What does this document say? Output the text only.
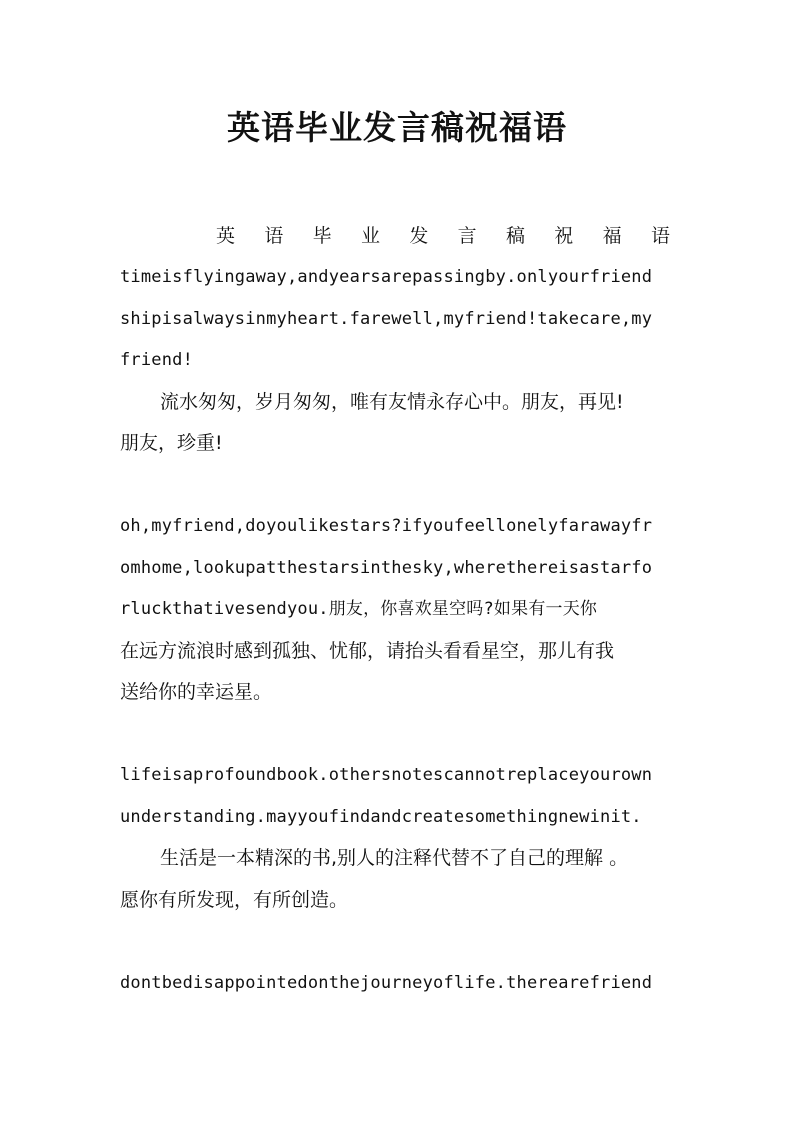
英语毕业发言稿祝福语
英 语 毕 业 发 言 稿 祝 福 语
timeisflyingaway,andyearsarepassingby.onlyourfriend
shipisalwaysinmyheart.farewell,myfriend!takecare,my
friend!
流水匆匆，岁月匆匆，唯有友情永存心中。朋友，再见!
朋友，珍重!
oh,myfriend,doyoulikestars?ifyoufeellonelyfarawayfr
omhome,lookupatthestarsinthesky,wherethereisastarfo
rluckthativesendyou.朋友，你喜欢星空吗?如果有一天你
在远方流浪时感到孤独、忧郁，请抬头看看星空，那儿有我
送给你的幸运星。
lifeisaprofoundbook.othersnotescannotreplaceyourown
understanding.mayyoufindandcreatesomethingnewinit.
生活是一本精深的书,别人的注释代替不了自己的理解 。
愿你有所发现，有所创造。
dontbedisappointedonthejourneyoflife.therearefriend
